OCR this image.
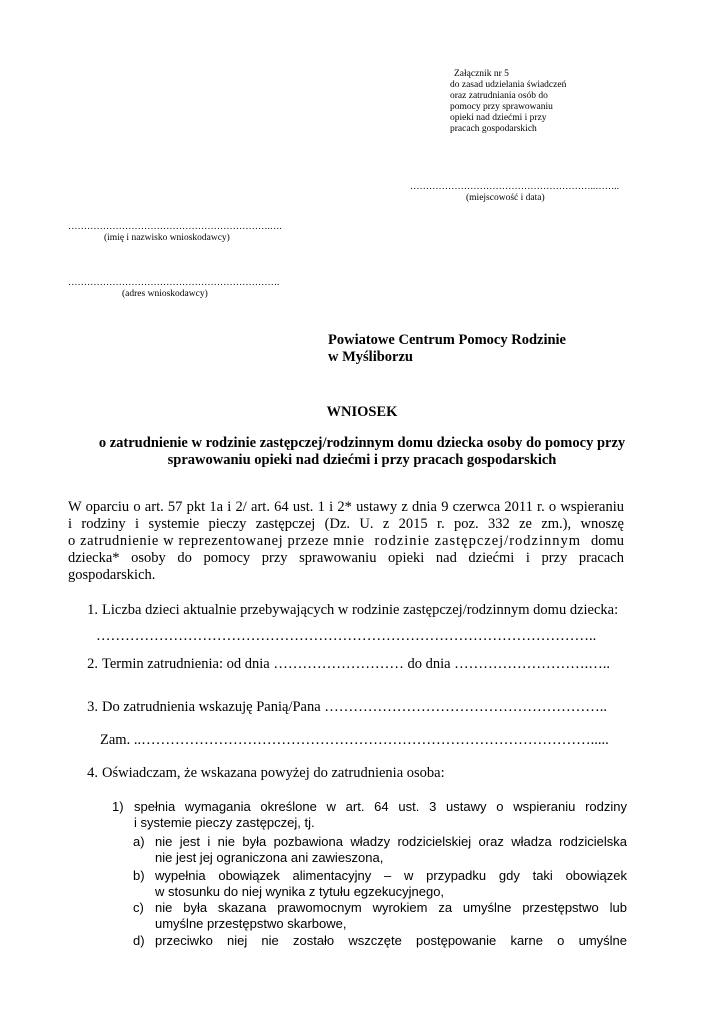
Załącznik nr 5
do zasad udzielania świadczeń
oraz zatrudniania osób do
pomocy przy sprawowaniu
opieki nad dziećmi i przy
pracach gospodarskich
…………………………………………………..……..
(miejscowość i data)
……………………………………………………….….
(imię i nazwisko wnioskodawcy)
………………………………………………………….
(adres wnioskodawcy)
Powiatowe Centrum Pomocy Rodzinie
w Myśliborzu
WNIOSEK
o zatrudnienie w rodzinie zastępczej/rodzinnym domu dziecka osoby do pomocy przy
sprawowaniu opieki nad dziećmi i przy pracach gospodarskich
W oparciu o art. 57 pkt 1a i 2/ art. 64 ust. 1 i 2* ustawy z dnia 9 czerwca 2011 r. o wspieraniu
i rodziny i systemie pieczy zastępczej (Dz. U. z 2015 r. poz. 332 ze zm.), wnoszę
o zatrudnienie w reprezentowanej przeze mnie rodzinie zastępczej/rodzinnym domu
dziecka* osoby do pomocy przy sprawowaniu opieki nad dziećmi i przy pracach
gospodarskich.
1. Liczba dzieci aktualnie przebywających w rodzinie zastępczej/rodzinnym domu dziecka:
…………………………………………………………………………………………..
2. Termin zatrudnienia: od dnia ……………………… do dnia ……………………….…..
3. Do zatrudnienia wskazuję Panią/Pana …………………………………………………..
Zam. ..………………………………………………………………………………….....
4. Oświadczam, że wskazana powyżej do zatrudnienia osoba:
1) spełnia wymagania określone w art. 64 ust. 3 ustawy o wspieraniu rodziny
i systemie pieczy zastępczej, tj.
a) nie jest i nie była pozbawiona władzy rodzicielskiej oraz władza rodzicielska
nie jest jej ograniczona ani zawieszona,
b) wypełnia obowiązek alimentacyjny – w przypadku gdy taki obowiązek
w stosunku do niej wynika z tytułu egzekucyjnego,
c) nie była skazana prawomocnym wyrokiem za umyślne przestępstwo lub
umyślne przestępstwo skarbowe,
d) przeciwko niej nie zostało wszczęte postępowanie karne o umyślne
